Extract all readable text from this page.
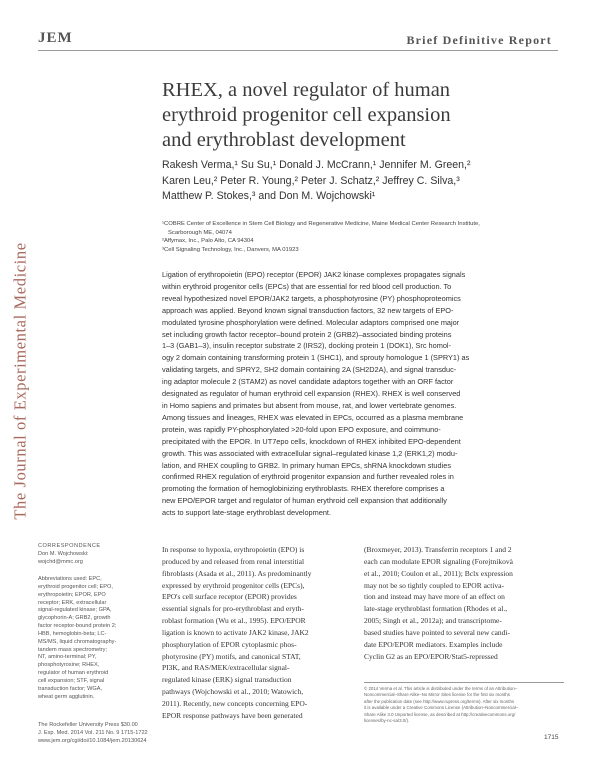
JEM	Brief Definitive Report
The Journal of Experimental Medicine
RHEX, a novel regulator of human
erythroid progenitor cell expansion
and erythroblast development
Rakesh Verma,¹ Su Su,¹ Donald J. McCrann,¹ Jennifer M. Green,²
Karen Leu,² Peter R. Young,² Peter J. Schatz,² Jeffrey C. Silva,³
Matthew P. Stokes,³ and Don M. Wojchowski¹
¹COBRE Center of Excellence in Stem Cell Biology and Regenerative Medicine, Maine Medical Center Research Institute,
Scarborough ME, 04074
²Affymax, Inc., Palo Alto, CA 94304
³Cell Signaling Technology, Inc., Danvers, MA 01923
Ligation of erythropoietin (EPO) receptor (EPOR) JAK2 kinase complexes propagates signals
within erythroid progenitor cells (EPCs) that are essential for red blood cell production. To
reveal hypothesized novel EPOR/JAK2 targets, a phosphotyrosine (PY) phosphoproteomics
approach was applied. Beyond known signal transduction factors, 32 new targets of EPO-
modulated tyrosine phosphorylation were defined. Molecular adaptors comprised one major
set including growth factor receptor–bound protein 2 (GRB2)–associated binding proteins
1–3 (GAB1–3), insulin receptor substrate 2 (IRS2), docking protein 1 (DOK1), Src homol-
ogy 2 domain containing transforming protein 1 (SHC1), and sprouty homologue 1 (SPRY1) as
validating targets, and SPRY2, SH2 domain containing 2A (SH2D2A), and signal transduc-
ing adaptor molecule 2 (STAM2) as novel candidate adaptors together with an ORF factor
designated as regulator of human erythroid cell expansion (RHEX). RHEX is well conserved
in Homo sapiens and primates but absent from mouse, rat, and lower vertebrate genomes.
Among tissues and lineages, RHEX was elevated in EPCs, occurred as a plasma membrane
protein, was rapidly PY-phosphorylated >20-fold upon EPO exposure, and coimmuno-
precipitated with the EPOR. In UT7epo cells, knockdown of RHEX inhibited EPO-dependent
growth. This was associated with extracellular signal–regulated kinase 1,2 (ERK1,2) modu-
lation, and RHEX coupling to GRB2. In primary human EPCs, shRNA knockdown studies
confirmed RHEX regulation of erythroid progenitor expansion and further revealed roles in
promoting the formation of hemoglobinizing erythroblasts. RHEX therefore comprises a
new EPO/EPOR target and regulator of human erythroid cell expansion that additionally
acts to support late-stage erythroblast development.
CORRESPONDENCE
Don M. Wojchowski:
wojchd@mmc.org
Abbreviations used: EPC,
erythroid progenitor cell; EPO,
erythropoietin; EPOR, EPO
receptor; ERK, extracellular
signal-regulated kinase; GPA,
glycophorin-A; GRB2, growth
factor receptor-bound protein 2;
HBB, hemoglobin-beta; LC-
MS/MS, liquid chromatography-
tandem mass spectrometry;
NT, amino-terminal; PY,
phosphotyrosine; RHEX,
regulator of human erythroid
cell expansion; STF, signal
transduction factor; WGA,
wheat germ agglutinin.
The Rockefeller University Press $30.00
J. Exp. Med. 2014 Vol. 211 No. 9 1715-1722
www.jem.org/cgi/doi/10.1084/jem.20130624
In response to hypoxia, erythropoietin (EPO) is
produced by and released from renal interstitial
fibroblasts (Asada et al., 2011). As predominantly
expressed by erythroid progenitor cells (EPCs),
EPO's cell surface receptor (EPOR) provides
essential signals for pro-erythroblast and eryth-
roblast formation (Wu et al., 1995). EPO/EPOR
ligation is known to activate JAK2 kinase, JAK2
phosphorylation of EPOR cytoplasmic phos-
photyrosine (PY) motifs, and canonical STAT,
PI3K, and RAS/MEK/extracellular signal-
regulated kinase (ERK) signal transduction
pathways (Wojchowski et al., 2010; Watowich,
2011). Recently, new concepts concerning EPO-
EPOR response pathways have been generated
(Broxmeyer, 2013). Transferrin receptors 1 and 2
each can modulate EPOR signaling (Forejtnikovà
et al., 2010; Coulon et al., 2011); Bclx expression
may not be so tightly coupled to EPOR activa-
tion and instead may have more of an effect on
late-stage erythroblast formation (Rhodes et al.,
2005; Singh et al., 2012a); and transcriptome-
based studies have pointed to several new candi-
date EPO/EPOR mediators. Examples include
Cyclin G2 as an EPO/EPOR/Stat5-repressed
© 2014 Verma et al. This article is distributed under the terms of an Attribution–
Noncommercial–Share Alike–No Mirror Sites license for the first six months
after the publication date (see http://www.rupress.org/terms). After six months
it is available under a Creative Commons License (Attribution–Noncommercial–
Share Alike 3.0 Unported license, as described at http://creativecommons.org/
licenses/by-nc-sa/3.0/).
1715
